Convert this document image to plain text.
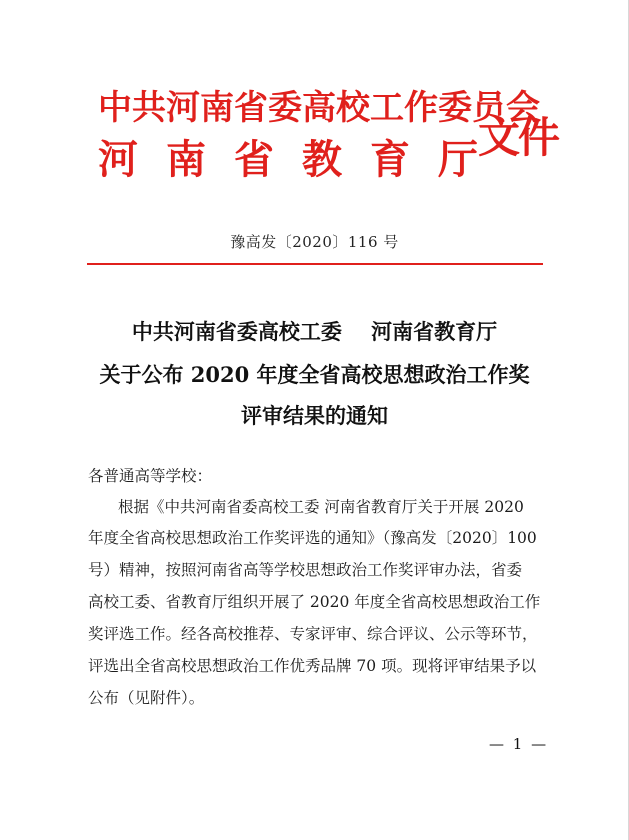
中共河南省委高校工作委员会
河 南 省 教 育 厅 文件
豫高发〔2020〕116 号
中共河南省委高校工委    河南省教育厅
关于公布 2020 年度全省高校思想政治工作奖
评审结果的通知
各普通高等学校：
根据《中共河南省委高校工委 河南省教育厅关于开展 2020
年度全省高校思想政治工作奖评选的通知》（豫高发〔2020〕100
号）精神，按照河南省高等学校思想政治工作奖评审办法，省委
高校工委、省教育厅组织开展了 2020 年度全省高校思想政治工作
奖评选工作。经各高校推荐、专家评审、综合评议、公示等环节，
评选出全省高校思想政治工作优秀品牌 70 项。现将评审结果予以
公布（见附件）。
— 1 —
